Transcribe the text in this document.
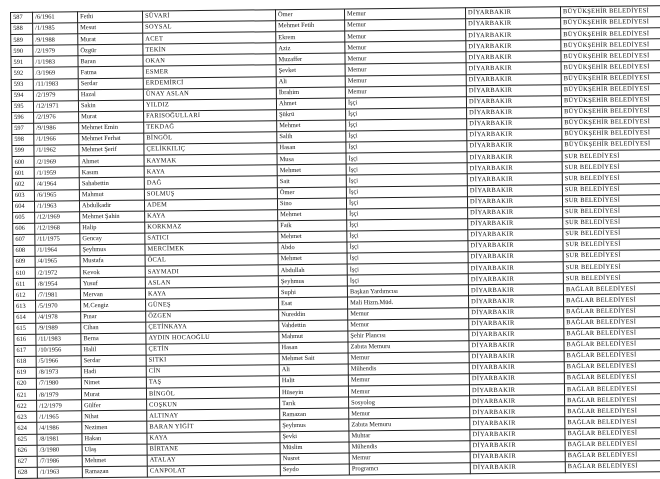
587	/6/1961	Fethi	SÜVARİ	Ömer	Memur	DİYARBAKIR	BÜYÜKŞEHİR BELEDİYESİ
588	/1/1985	Mesut	SOYSAL	Mehmet Fetih	Memur	DİYARBAKIR	BÜYÜKŞEHİR BELEDİYESİ
589	/9/1988	Murat	ACET	Ekrem	Memur	DİYARBAKIR	BÜYÜKŞEHİR BELEDİYESİ
590	/2/1979	Özgür	TEKİN	Aziz	Memur	DİYARBAKIR	BÜYÜKŞEHİR BELEDİYESİ
591	/1/1983	Baran	OKAN	Muzaffer	Memur	DİYARBAKIR	BÜYÜKŞEHİR BELEDİYESİ
592	/3/1969	Fatma	ESMER	Şevket	Memur	DİYARBAKIR	BÜYÜKŞEHİR BELEDİYESİ
593	/11/1983	Serdar	ERDEMİRCİ	Ali	Memur	DİYARBAKIR	BÜYÜKŞEHİR BELEDİYESİ
594	/2/1979	Hazal	ÜNAY ASLAN	İbrahim	Memur	DİYARBAKIR	BÜYÜKŞEHİR BELEDİYESİ
595	/12/1971	Sakin	YILDIZ	Ahmet	İşçi	DİYARBAKIR	BÜYÜKŞEHİR BELEDİYESİ
596	/2/1976	Murat	FARISOĞULLARI	Şükrü	İşçi	DİYARBAKIR	BÜYÜKŞEHİR BELEDİYESİ
597	/9/1986	Mehmet Emin	TEKDAĞ	Mehmet	İşçi	DİYARBAKIR	BÜYÜKŞEHİR BELEDİYESİ
598	/1/1966	Mehmet Ferhat	BİNGÖL	Salih	İşçi	DİYARBAKIR	BÜYÜKŞEHİR BELEDİYESİ
599	/1/1962	Mehmet Şerif	ÇELİKKILIÇ	Hasan	İşçi	DİYARBAKIR	BÜYÜKŞEHİR BELEDİYESİ
600	/2/1969	Ahmet	KAYMAK	Musa	İşçi	DİYARBAKIR	SUR BELEDİYESİ
601	/1/1959	Kasım	KAYA	Mehmet	İşçi	DİYARBAKIR	SUR BELEDİYESİ
602	/4/1964	Sahabettin	DAĞ	Sait	İşçi	DİYARBAKIR	SUR BELEDİYESİ
603	/6/1965	Mahmut	SOLMUŞ	Ömer	İşçi	DİYARBAKIR	SUR BELEDİYESİ
604	/1/1963	Abdulkadir	ADEM	Sino	İşçi	DİYARBAKIR	SUR BELEDİYESİ
605	/12/1969	Mehmet Şahin	KAYA	Mehmet	İşçi	DİYARBAKIR	SUR BELEDİYESİ
606	/12/1968	Halip	KORKMAZ	Faik	İşçi	DİYARBAKIR	SUR BELEDİYESİ
607	/11/1975	Gencay	SATICI	Mehmet	İşçi	DİYARBAKIR	SUR BELEDİYESİ
608	/1/1964	Şeyhmus	MERCİMEK	Abdo	İşçi	DİYARBAKIR	SUR BELEDİYESİ
609	/4/1965	Mustafa	ÖCAL	Mehmet	İşçi	DİYARBAKIR	SUR BELEDİYESİ
610	/2/1972	Kevok	SAYMADI	Abdullah	İşçi	DİYARBAKIR	SUR BELEDİYESİ
611	/8/1954	Yusuf	ASLAN	Şeyhmus	İşçi	DİYARBAKIR	SUR BELEDİYESİ
612	/7/1981	Mervan	KAYA	Suphi	Başkan Yardımcısı	DİYARBAKIR	BAĞLAR BELEDİYESİ
613	/5/1970	M.Cengiz	GÜNEŞ	Esat	Mali Hizm.Müd.	DİYARBAKIR	BAĞLAR BELEDİYESİ
614	/4/1978	Pınar	ÖZGEN	Nureddin	Memur	DİYARBAKIR	BAĞLAR BELEDİYESİ
615	/9/1989	Cihan	ÇETİNKAYA	Vahdettin	Memur	DİYARBAKIR	BAĞLAR BELEDİYESİ
616	/11/1983	Berna	AYDIN HOCAOĞLU	Mahmut	Şehir Plancısı	DİYARBAKIR	BAĞLAR BELEDİYESİ
617	/10/1956	Halil	ÇETİN	Hasan	Zabıta Memuru	DİYARBAKIR	BAĞLAR BELEDİYESİ
618	/5/1966	Serdar	SITKI	Mehmet Sait	Memur	DİYARBAKIR	BAĞLAR BELEDİYESİ
619	/8/1973	Hadi	CİN	Ali	Mühendis	DİYARBAKIR	BAĞLAR BELEDİYESİ
620	/7/1980	Nimet	TAŞ	Halit	Memur	DİYARBAKIR	BAĞLAR BELEDİYESİ
621	/8/1979	Murat	BİNGÖL	Hüseyin	Memur	DİYARBAKIR	BAĞLAR BELEDİYESİ
622	/12/1979	Gülfer	COŞKUN	Tarık	Sosyolog	DİYARBAKIR	BAĞLAR BELEDİYESİ
623	/1/1965	Nihat	ALTINAY	Ramazan	Memur	DİYARBAKIR	BAĞLAR BELEDİYESİ
624	/4/1986	Nezimen	BARAN YİĞİT	Şeyhmus	Zabıta Memuru	DİYARBAKIR	BAĞLAR BELEDİYESİ
625	/8/1981	Hakan	KAYA	Şevki	Muhtar	DİYARBAKIR	BAĞLAR BELEDİYESİ
626	/3/1980	Ulaş	BİRTANE	Müslim	Mühendis	DİYARBAKIR	BAĞLAR BELEDİYESİ
627	/7/1986	Mehmet	ATALAY	Nusret	Memur	DİYARBAKIR	BAĞLAR BELEDİYESİ
628	/1/1963	Ramazan	CANPOLAT	Seydo	Programcı	DİYARBAKIR	BAĞLAR BELEDİYESİ
